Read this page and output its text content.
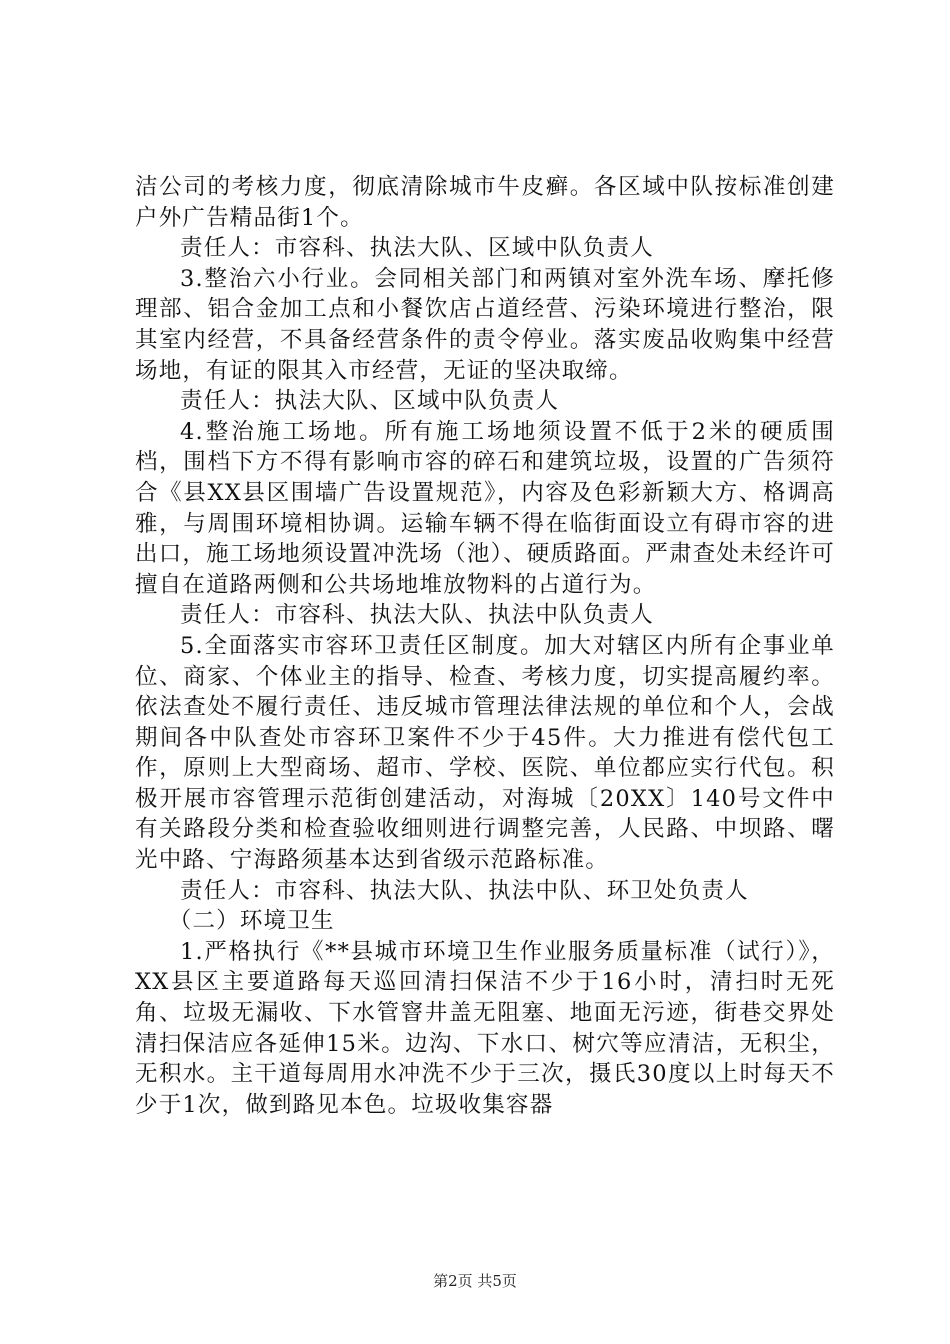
洁公司的考核力度，彻底清除城市牛皮癣。各区域中队按标准创建户外广告精品街1个。

责任人：市容科、执法大队、区域中队负责人

3.整治六小行业。会同相关部门和两镇对室外洗车场、摩托修理部、铝合金加工点和小餐饮店占道经营、污染环境进行整治，限其室内经营，不具备经营条件的责令停业。落实废品收购集中经营场地，有证的限其入市经营，无证的坚决取缔。

责任人：执法大队、区域中队负责人

4.整治施工场地。所有施工场地须设置不低于2米的硬质围档，围档下方不得有影响市容的碎石和建筑垃圾，设置的广告须符合《县XX县区围墙广告设置规范》，内容及色彩新颖大方、格调高雅，与周围环境相协调。运输车辆不得在临街面设立有碍市容的进出口，施工场地须设置冲洗场（池）、硬质路面。严肃查处未经许可擅自在道路两侧和公共场地堆放物料的占道行为。

责任人：市容科、执法大队、执法中队负责人

5.全面落实市容环卫责任区制度。加大对辖区内所有企事业单位、商家、个体业主的指导、检查、考核力度，切实提高履约率。依法查处不履行责任、违反城市管理法律法规的单位和个人，会战期间各中队查处市容环卫案件不少于45件。大力推进有偿代包工作，原则上大型商场、超市、学校、医院、单位都应实行代包。积极开展市容管理示范街创建活动，对海城〔20XX〕140号文件中有关路段分类和检查验收细则进行调整完善，人民路、中坝路、曙光中路、宁海路须基本达到省级示范路标准。

责任人：市容科、执法大队、执法中队、环卫处负责人

（二）环境卫生

1.严格执行《**县城市环境卫生作业服务质量标准（试行）》，XX县区主要道路每天巡回清扫保洁不少于16小时，清扫时无死角、垃圾无漏收、下水管窨井盖无阻塞、地面无污迹，街巷交界处清扫保洁应各延伸15米。边沟、下水口、树穴等应清洁，无积尘，无积水。主干道每周用水冲洗不少于三次，摄氏30度以上时每天不少于1次，做到路见本色。垃圾收集容器

第2页 共5页
